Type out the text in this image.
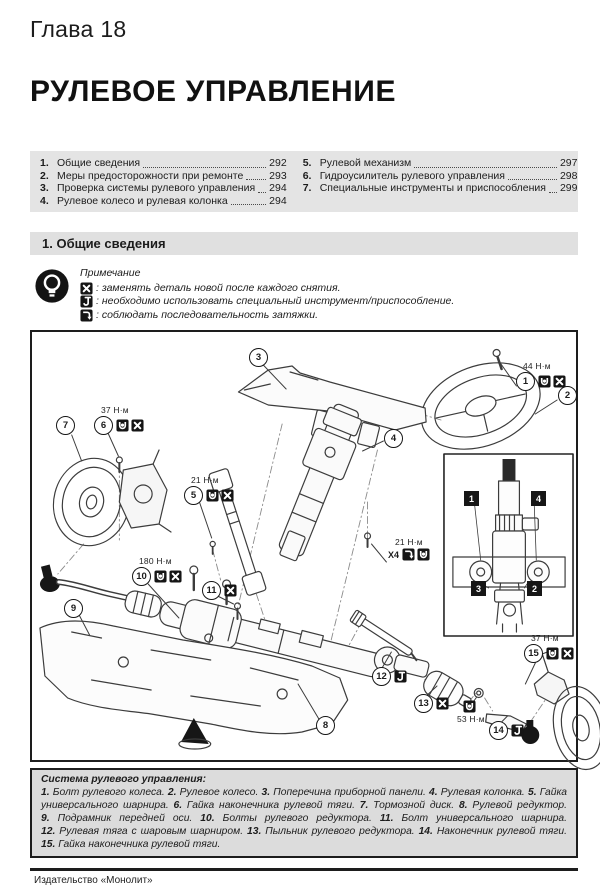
Глава 18
РУЛЕВОЕ УПРАВЛЕНИЕ
1. Общие сведения	292
2. Меры предосторожности при ремонте 293
3. Проверка системы рулевого управления 294
4. Рулевое колесо и рулевая колонка	294
5. Рулевой механизм	297
6. Гидроусилитель рулевого управления	298
7. Специальные инструменты и приспособления 299
1. Общие сведения
Примечание
: заменять деталь новой после каждого снятия.
: необходимо использовать специальный инструмент/приспособление.
: соблюдать последовательность затяжки.
44 Н·м
1
2
3
4
21 Н·м
5
37 Н·м
6
7
8
9
180 Н·м
10
11
12
13
14
37 Н·м
15
21 Н·м
X4
53 Н·м
1	4
3	2
Система рулевого управления:
1. Болт рулевого колеса. 2. Рулевое колесо. 3. Поперечина приборной панели. 4. Рулевая колонка. 5. Гайка универсального шарнира. 6. Гайка наконечника рулевой тяги. 7. Тормозной диск. 8. Рулевой редуктор. 9. Подрамник передней оси. 10. Болты рулевого редуктора. 11. Болт универсального шарнира. 12. Рулевая тяга с шаровым шарниром. 13. Пыльник рулевого редуктора. 14. Наконечник рулевой тяги. 15. Гайка наконечника рулевой тяги.
Издательство «Монолит»
